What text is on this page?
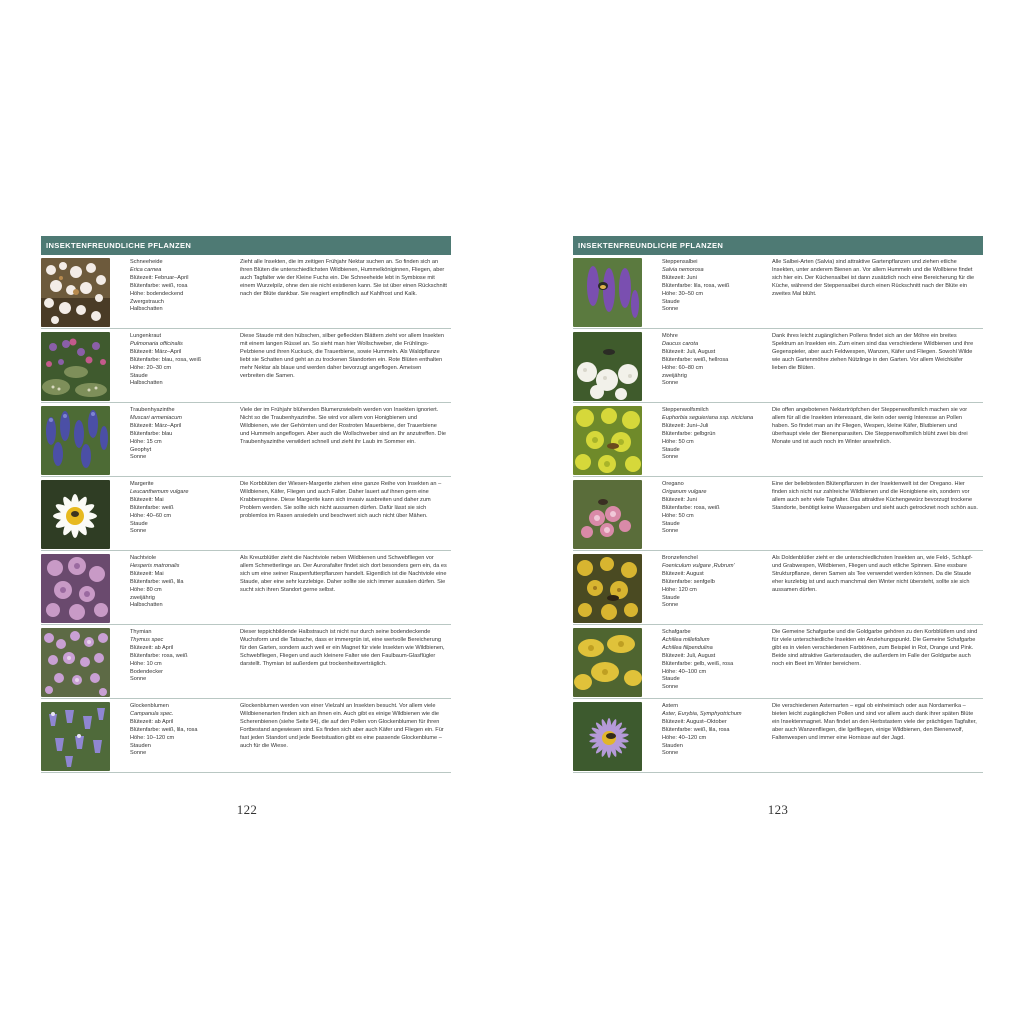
INSEKTENFREUNDLICHE PFLANZEN
Schneeheide
Erica carnea
Blütezeit: Februar–April
Blütenfarbe: weiß, rosa
Höhe: bodendeckend
Zwergstrauch
Halbschatten

Zieht alle Insekten, die im zeitigen Frühjahr Nektar suchen an. So finden sich an ihren Blüten die unterschiedlichsten Wildbienen, Hummelköniginnen, Fliegen, aber auch Tagfalter wie der Kleine Fuchs ein. Die Schneeheide lebt in Symbiose mit einem Wurzelpilz, ohne den sie nicht existieren kann. Sie ist über einen Rückschnitt nach der Blüte dankbar. Sie reagiert empfindlich auf Kahlfrost und Kalk.

Lungenkraut
Pulmonaria officinalis
Blütezeit: März–April
Blütenfarbe: blau, rosa, weiß
Höhe: 20–30 cm
Staude
Halbschatten

Diese Staude mit den hübschen, silber gefleckten Blättern zieht vor allem Insekten mit einem langen Rüssel an. So sieht man hier Wollschweber, die Frühlings-Pelzbiene und ihren Kuckuck, die Trauerbiene, sowie Hummeln. Als Waldpflanze liebt sie Schatten und geht an zu trockenen Standorten ein. Rote Blüten enthalten mehr Nektar als blaue und werden daher bevorzugt angeflogen. Ameisen verbreiten die Samen.

Traubenhyazinthe
Muscari armeniacum
Blütezeit: März–April
Blütenfarbe: blau
Höhe: 15 cm
Geophyt
Sonne

Viele der im Frühjahr blühenden Blumenzwiebeln werden von Insekten ignoriert. Nicht so die Traubenhyazinthe. Sie wird vor allem von Honigbienen und Wildbienen, wie der Gehörnten und der Rostroten Mauerbiene, der Trauerbiene und Hummeln angeflogen. Aber auch die Wollschweber sind an ihr anzutreffen. Die Traubenhyazinthe verwildert schnell und zieht ihr Laub im Sommer ein.

Margerite
Leucanthemum vulgare
Blütezeit: Mai
Blütenfarbe: weiß
Höhe: 40–60 cm
Staude
Sonne

Die Korbblüten der Wiesen-Margerite ziehen eine ganze Reihe von Insekten an – Wildbienen, Käfer, Fliegen und auch Falter. Daher lauert auf ihnen gern eine Krabbenspinne. Diese Margerite kann sich invasiv ausbreiten und daher zum Problem werden. Sie sollte sich nicht aussamen dürfen. Dafür lässt sie sich problemlos im Rasen ansiedeln und beschwert sich auch nicht über Mähen.

Nachtviole
Hesperis matronalis
Blütezeit: Mai
Blütenfarbe: weiß, lila
Höhe: 80 cm
zweijährig
Halbschatten

Als Kreuzblütler zieht die Nachtviole neben Wildbienen und Schwebfliegen vor allem Schmetterlinge an. Der Aurorafalter findet sich dort besonders gern ein, da es sich um eine seiner Raupenfutterpflanzen handelt. Eigentlich ist die Nachtviole eine Staude, aber eine sehr kurzlebige. Daher sollte sie sich immer aussäen dürfen. Sie sucht sich ihren Standort gerne selbst.

Thymian
Thymus spec
Blütezeit: ab April
Blütenfarbe: rosa, weiß
Höhe: 10 cm
Bodendecker
Sonne

Dieser teppichbildende Halbstrauch ist nicht nur durch seine bodendeckende Wuchsform und die Tatsache, dass er immergrün ist, eine wertvolle Bereicherung für den Garten, sondern auch weil er ein Magnet für viele Insekten wie Wildbienen, Schwebfliegen, Fliegen und auch kleinere Falter wie den Faulbaum-Glasflügler darstellt. Thymian ist außerdem gut trockenheitsverträglich.

Glockenblumen
Campanula spec.
Blütezeit: ab April
Blütenfarbe: weiß, lila, rosa
Höhe: 10–120 cm
Stauden
Sonne

Glockenblumen werden von einer Vielzahl an Insekten besucht. Vor allem viele Wildbienenarten finden sich an ihnen ein. Auch gibt es einige Wildbienen wie die Scherenbienen (siehe Seite 94), die auf den Pollen von Glockenblumen für ihren Fortbestand angewiesen sind. Es finden sich aber auch Käfer und Fliegen ein. Für fast jeden Standort und jede Beetsituation gibt es eine passende Glockenblume – auch für die Wiese.

INSEKTENFREUNDLICHE PFLANZEN
Steppensalbei
Salvia nemorosa
Blütezeit: Juni
Blütenfarbe: lila, rosa, weiß
Höhe: 30–50 cm
Staude
Sonne

Alle Salbei-Arten (Salvia) sind attraktive Gartenpflanzen und ziehen etliche Insekten, unter anderem Bienen an. Vor allem Hummeln und die Wollbiene findet sich hier ein. Der Küchensalbei ist dann zusätzlich noch eine Bereicherung für die Küche, während der Steppensalbei durch einen Rückschnitt nach der Blüte ein zweites Mal blüht.

Möhre
Daucus carota
Blütezeit: Juli, August
Blütenfarbe: weiß, hellrosa
Höhe: 60–80 cm
zweijährig
Sonne

Dank ihres leicht zugänglichen Pollens findet sich an der Möhre ein breites Spektrum an Insekten ein. Zum einen sind das verschiedene Wildbienen und ihre Gegenspieler, aber auch Feldwespen, Wanzen, Käfer und Fliegen. Sowohl Wilde wie auch Gartenmöhre ziehen Nützlinge in den Garten. Vor allem Weichkäfer lieben die Blüten.

Steppenwolfsmilch
Euphorbia seguieriana ssp. niciciana
Blütezeit: Juni–Juli
Blütenfarbe: gelbgrün
Höhe: 50 cm
Staude
Sonne

Die offen angebotenen Nektartröpfchen der Steppenwolfsmilch machen sie vor allem für all die Insekten interessant, die kein oder wenig Interesse an Pollen haben. So findet man an ihr Fliegen, Wespen, kleine Käfer, Blutbienen und überhaupt viele der Bienenparasiten. Die Steppenwolfsmilch blüht zwei bis drei Monate und ist auch noch im Winter ansehnlich.

Oregano
Origanum vulgare
Blütezeit: Juni
Blütenfarbe: rosa, weiß
Höhe: 50 cm
Staude
Sonne

Eine der beliebtesten Blütenpflanzen in der Insektenwelt ist der Oregano. Hier finden sich nicht nur zahlreiche Wildbienen und die Honigbiene ein, sondern vor allem auch sehr viele Tagfalter. Das attraktive Küchengewürz bevorzugt trockene Standorte, benötigt keine Wassergaben und sieht auch getrocknet noch schön aus.

Bronzefenchel
Foeniculum vulgare ‚Rubrum‘
Blütezeit: August
Blütenfarbe: senfgelb
Höhe: 120 cm
Staude
Sonne

Als Doldenblütler zieht er die unterschiedlichsten Insekten an, wie Feld-, Schlupf- und Grabwespen, Wildbienen, Fliegen und auch etliche Spinnen. Eine essbare Strukturpflanze, deren Samen als Tee verwendet werden können. Da die Staude eher kurzlebig ist und auch manchmal den Winter nicht übersteht, sollte sie sich aussamen dürfen.

Schafgarbe
Achillea millefolium
Achillea filipendulina
Blütezeit: Juli, August
Blütenfarbe: gelb, weiß, rosa
Höhe: 40–100 cm
Staude
Sonne

Die Gemeine Schafgarbe und die Goldgarbe gehören zu den Korbblütlern und sind für viele unterschiedliche Insekten ein Anziehungspunkt. Die Gemeine Schafgarbe gibt es in vielen verschiedenen Farbtönen, zum Beispiel in Rot, Orange und Pink. Beide sind attraktive Gartenstauden, die außerdem im Falle der Goldgarbe auch noch ein Beet im Winter bereichern.

Astern
Aster, Eurybia, Symphyotrichum
Blütezeit: August–Oktober
Blütenfarbe: weiß, lila, rosa
Höhe: 40–120 cm
Stauden
Sonne

Die verschiedenen Asternarten – egal ob einheimisch oder aus Nordamerika – bieten leicht zugänglichen Pollen und sind vor allem auch dank ihrer späten Blüte ein Insektenmagnet. Man findet an den Herbstastern viele der prächtigen Tagfalter, aber auch Wanzenfliegen, die Igelfliegen, einige Wildbienen, den Bienenwolf, Faltenwespen und immer eine Hornisse auf der Jagd.

122	123
